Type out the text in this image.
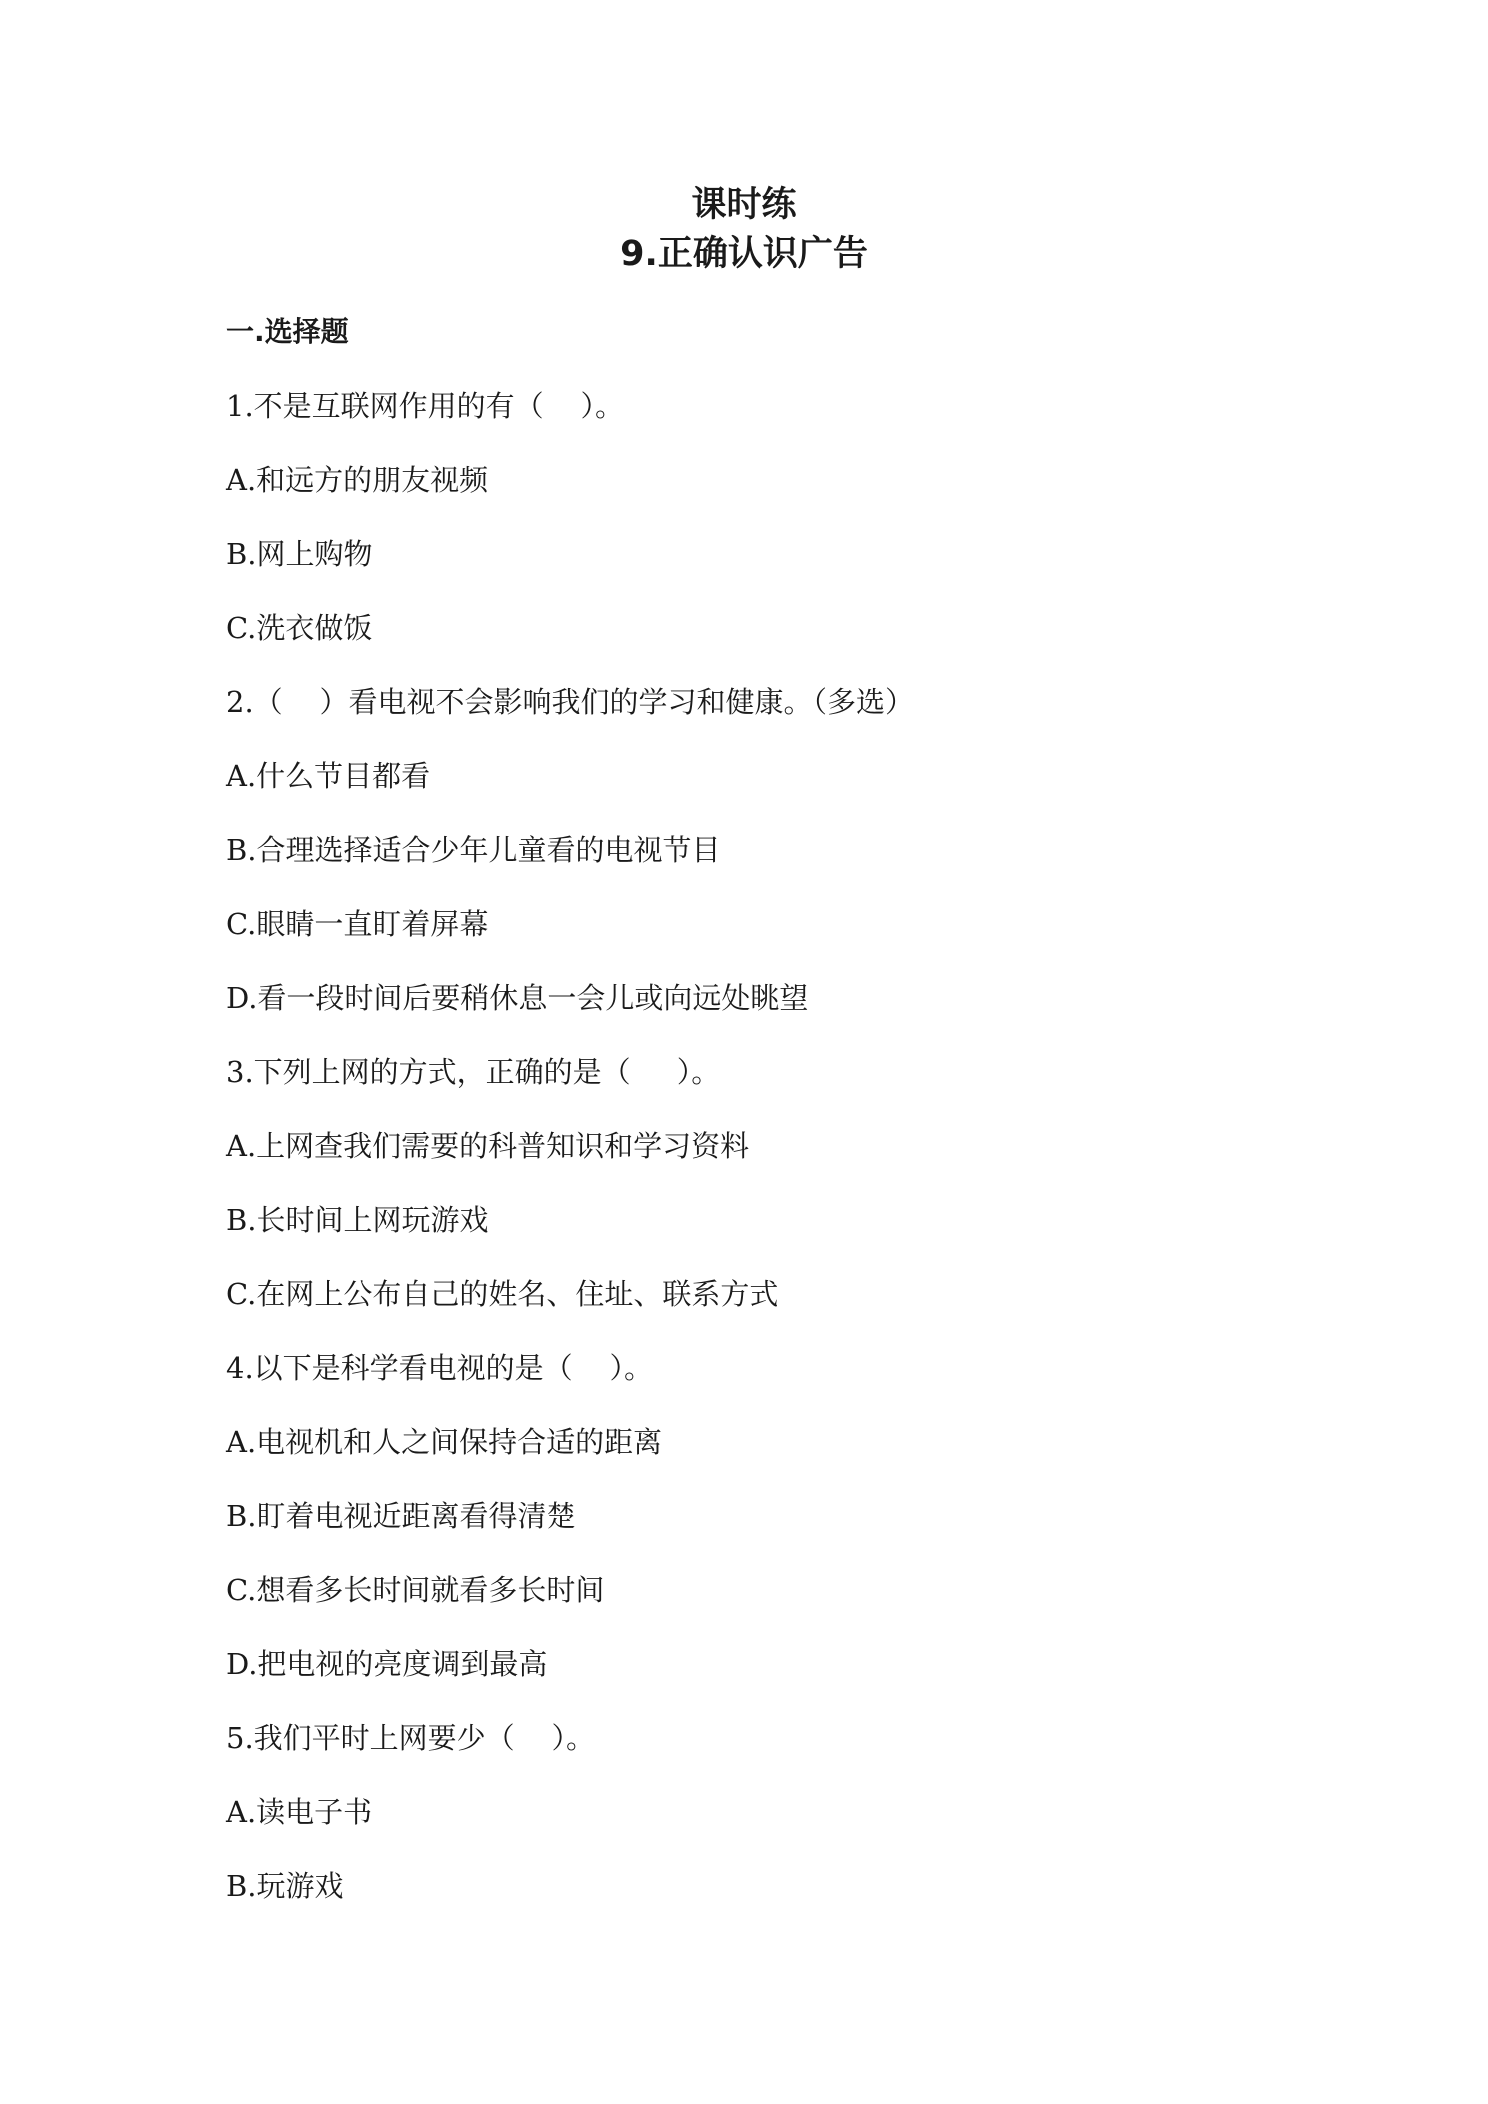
课时练
9.正确认识广告
一.选择题
1.不是互联网作用的有（    ）。
A.和远方的朋友视频
B.网上购物
C.洗衣做饭
2.（    ）看电视不会影响我们的学习和健康。（多选）
A.什么节目都看
B.合理选择适合少年儿童看的电视节目
C.眼睛一直盯着屏幕
D.看一段时间后要稍休息一会儿或向远处眺望
3.下列上网的方式，正确的是（     ）。
A.上网查我们需要的科普知识和学习资料
B.长时间上网玩游戏
C.在网上公布自己的姓名、住址、联系方式
4.以下是科学看电视的是（    ）。
A.电视机和人之间保持合适的距离
B.盯着电视近距离看得清楚
C.想看多长时间就看多长时间
D.把电视的亮度调到最高
5.我们平时上网要少（    ）。
A.读电子书
B.玩游戏
